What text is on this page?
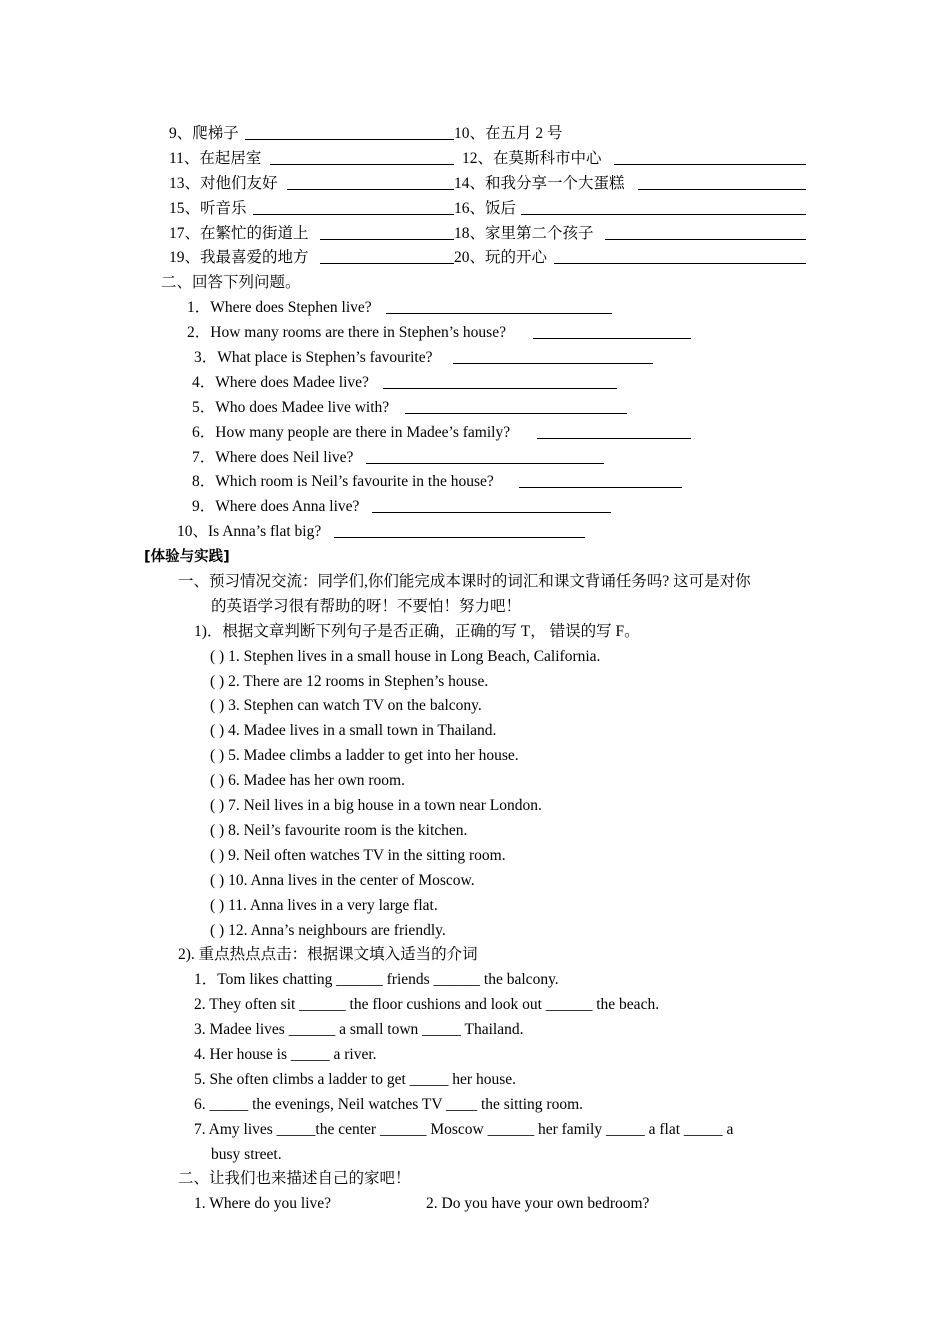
9、爬梯子	10、在五月 2 号
11、在起居室	12、在莫斯科市中心
13、对他们友好	14、和我分享一个大蛋糕
15、听音乐	16、饭后
17、在繁忙的街道上	18、家里第二个孩子
19、我最喜爱的地方	20、玩的开心
二、回答下列问题。
1．Where does Stephen live?
2．How many rooms are there in Stephen’s house?
3．What place is Stephen’s favourite?
4．Where does Madee live?
5．Who does Madee live with?
6．How many people are there in Madee’s family?
7．Where does Neil live?
8．Which room is Neil’s favourite in the house?
9．Where does Anna live?
10、Is Anna’s flat big?
[体验与实践]
一、预习情况交流：同学们,你们能完成本课时的词汇和课文背诵任务吗? 这可是对你
的英语学习很有帮助的呀！不要怕！努力吧！
1)．根据文章判断下列句子是否正确，正确的写 T， 错误的写 F。
( ) 1. Stephen lives in a small house in Long Beach, California.
( ) 2. There are 12 rooms in Stephen’s house.
( ) 3. Stephen can watch TV on the balcony.
( ) 4. Madee lives in a small town in Thailand.
( ) 5. Madee climbs a ladder to get into her house.
( ) 6. Madee has her own room.
( ) 7. Neil lives in a big house in a town near London.
( ) 8. Neil’s favourite room is the kitchen.
( ) 9. Neil often watches TV in the sitting room.
( ) 10. Anna lives in the center of Moscow.
( ) 11. Anna lives in a very large flat.
( ) 12. Anna’s neighbours are friendly.
2). 重点热点点击：根据课文填入适当的介词
1．Tom likes chatting ______ friends ______ the balcony.
2. They often sit ______ the floor cushions and look out ______ the beach.
3. Madee lives ______ a small town _____ Thailand.
4. Her house is _____ a river.
5. She often climbs a ladder to get _____ her house.
6. _____ the evenings, Neil watches TV ____ the sitting room.
7. Amy lives _____the center ______ Moscow ______ her family _____ a flat _____ a
busy street.
二、让我们也来描述自己的家吧！
1. Where do you live?	2. Do you have your own bedroom?
